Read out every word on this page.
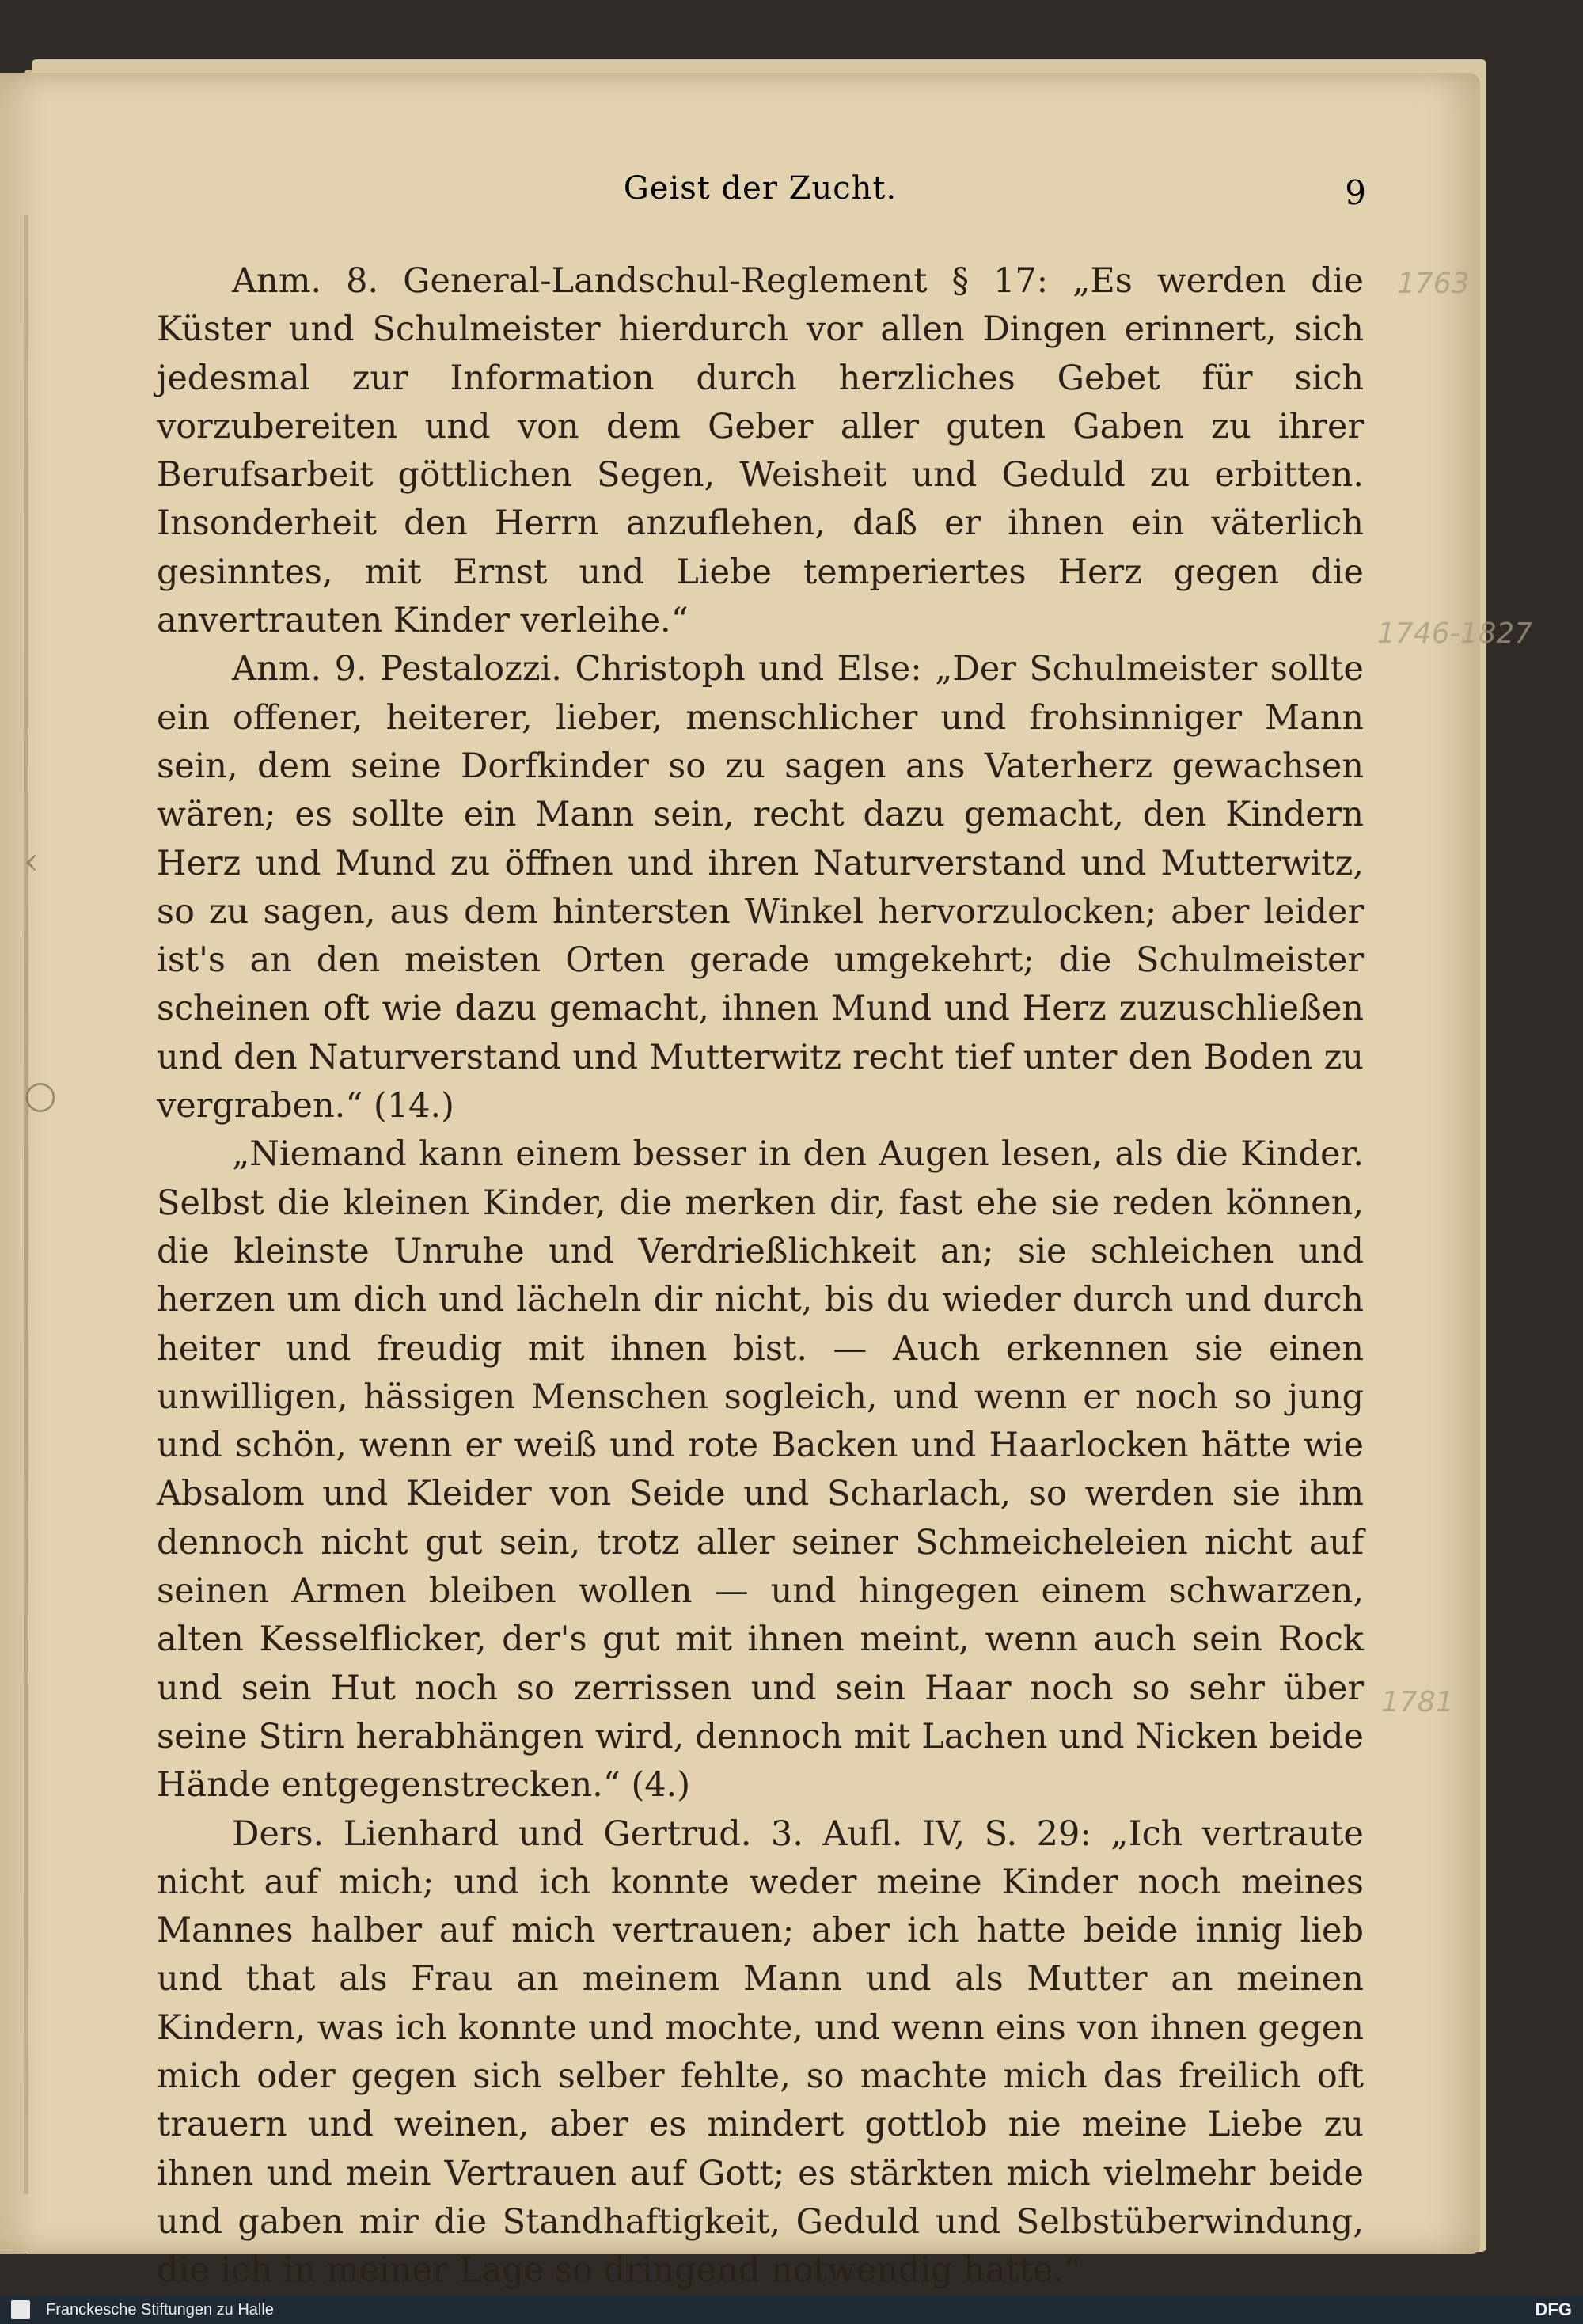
Geist der Zucht.	9

Anm. 8. General-Landschul-Reglement § 17: „Es werden die Küster und Schulmeister hierdurch vor allen Dingen erinnert, sich jedesmal zur Information durch herzliches Gebet für sich vorzubereiten und von dem Geber aller guten Gaben zu ihrer Berufsarbeit göttlichen Segen, Weisheit und Geduld zu erbitten. Insonderheit den Herrn anzuflehen, daß er ihnen ein väterlich gesinntes, mit Ernst und Liebe temperiertes Herz gegen die anvertrauten Kinder verleihe.“

Anm. 9. Pestalozzi. Christoph und Else: „Der Schulmeister sollte ein offener, heiterer, lieber, menschlicher und frohsinniger Mann sein, dem seine Dorfkinder so zu sagen ans Vaterherz gewachsen wären; es sollte ein Mann sein, recht dazu gemacht, den Kindern Herz und Mund zu öffnen und ihren Naturverstand und Mutterwitz, so zu sagen, aus dem hintersten Winkel hervorzulocken; aber leider ist's an den meisten Orten gerade umgekehrt; die Schulmeister scheinen oft wie dazu gemacht, ihnen Mund und Herz zuzuschließen und den Naturverstand und Mutterwitz recht tief unter den Boden zu vergraben.“ (14.)

„Niemand kann einem besser in den Augen lesen, als die Kinder. Selbst die kleinen Kinder, die merken dir, fast ehe sie reden können, die kleinste Unruhe und Verdrießlichkeit an; sie schleichen und herzen um dich und lächeln dir nicht, bis du wieder durch und durch heiter und freudig mit ihnen bist. — Auch erkennen sie einen unwilligen, hässigen Menschen sogleich, und wenn er noch so jung und schön, wenn er weiß und rote Backen und Haarlocken hätte wie Absalom und Kleider von Seide und Scharlach, so werden sie ihm dennoch nicht gut sein, trotz aller seiner Schmeicheleien nicht auf seinen Armen bleiben wollen — und hingegen einem schwarzen, alten Kesselflicker, der's gut mit ihnen meint, wenn auch sein Rock und sein Hut noch so zerrissen und sein Haar noch so sehr über seine Stirn herabhängen wird, dennoch mit Lachen und Nicken beide Hände entgegenstrecken.“ (4.)

Ders. Lienhard und Gertrud. 3. Aufl. IV, S. 29: „Ich vertraute nicht auf mich; und ich konnte weder meine Kinder noch meines Mannes halber auf mich vertrauen; aber ich hatte beide innig lieb und that als Frau an meinem Mann und als Mutter an meinen Kindern, was ich konnte und mochte, und wenn eins von ihnen gegen mich oder gegen sich selber fehlte, so machte mich das freilich oft trauern und weinen, aber es mindert gottlob nie meine Liebe zu ihnen und mein Vertrauen auf Gott; es stärkten mich vielmehr beide und gaben mir die Standhaftigkeit, Geduld und Selbstüberwindung, die ich in meiner Lage so dringend notwendig hatte.“

1763
1746-1827
1781
‹
○
Franckesche Stiftungen zu Halle	DFG
